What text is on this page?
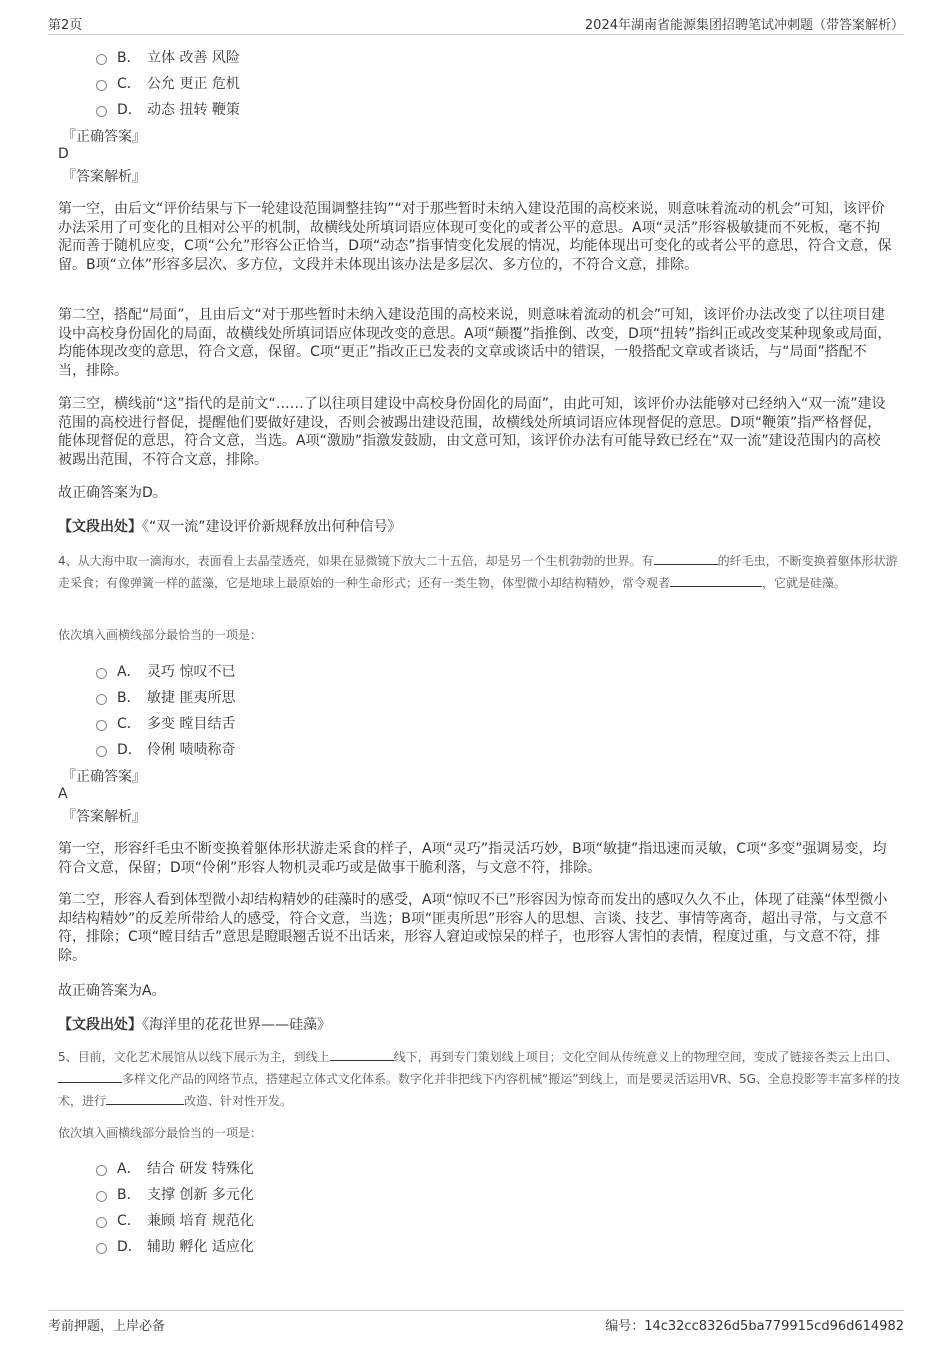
第2页	2024年湖南省能源集团招聘笔试冲刺题（带答案解析）
B． 立体 改善 风险
C． 公允 更正 危机
D． 动态 扭转 鞭策
『正确答案』
D
『答案解析』

第一空，由后文“评价结果与下一轮建设范围调整挂钩”“对于那些暂时未纳入建设范围的高校来说，则意味着流动的机会”可知，该评价办法采用了可变化的且相对公平的机制，故横线处所填词语应体现可变化的或者公平的意思。A项“灵活”形容极敏捷而不死板，毫不拘泥而善于随机应变，C项“公允”形容公正恰当，D项“动态”指事情变化发展的情况，均能体现出可变化的或者公平的意思，符合文意，保留。B项“立体”形容多层次、多方位，文段并未体现出该办法是多层次、多方位的，不符合文意，排除。

第二空，搭配“局面”，且由后文“对于那些暂时未纳入建设范围的高校来说，则意味着流动的机会”可知，该评价办法改变了以往项目建设中高校身份固化的局面，故横线处所填词语应体现改变的意思。A项“颠覆”指推倒、改变，D项“扭转”指纠正或改变某种现象或局面，均能体现改变的意思，符合文意，保留。C项“更正”指改正已发表的文章或谈话中的错误，一般搭配文章或者谈话，与“局面”搭配不当，排除。

第三空，横线前“这”指代的是前文“……了以往项目建设中高校身份固化的局面”，由此可知，该评价办法能够对已经纳入“双一流”建设范围的高校进行督促，提醒他们要做好建设，否则会被踢出建设范围，故横线处所填词语应体现督促的意思。D项“鞭策”指严格督促，能体现督促的意思，符合文意，当选。A项“激励”指激发鼓励，由文意可知，该评价办法有可能导致已经在“双一流”建设范围内的高校被踢出范围，不符合文意，排除。

故正确答案为D。

【文段出处】《“双一流”建设评价新规释放出何种信号》

4、从大海中取一滴海水，表面看上去晶莹透亮，如果在显微镜下放大二十五倍，却是另一个生机勃勃的世界。有	的纤毛虫，不断变换着躯体形状游走采食；有像弹簧一样的蓝藻，它是地球上最原始的一种生命形式；还有一类生物，体型微小却结构精妙，常令观者	，它就是硅藻。

依次填入画横线部分最恰当的一项是：
A． 灵巧 惊叹不已
B． 敏捷 匪夷所思
C． 多变 瞠目结舌
D． 伶俐 啧啧称奇
『正确答案』
A
『答案解析』

第一空，形容纤毛虫不断变换着躯体形状游走采食的样子，A项“灵巧”指灵活巧妙，B项“敏捷”指迅速而灵敏，C项“多变”强调易变，均符合文意，保留；D项“伶俐”形容人物机灵乖巧或是做事干脆利落，与文意不符，排除。

第二空，形容人看到体型微小却结构精妙的硅藻时的感受，A项“惊叹不已”形容因为惊奇而发出的感叹久久不止，体现了硅藻“体型微小却结构精妙”的反差所带给人的感受，符合文意，当选；B项“匪夷所思”形容人的思想、言谈、技艺、事情等离奇，超出寻常，与文意不符，排除；C项“瞠目结舌”意思是瞪眼翘舌说不出话来，形容人窘迫或惊呆的样子，也形容人害怕的表情，程度过重，与文意不符，排除。

故正确答案为A。

【文段出处】《海洋里的花花世界——硅藻》

5、目前，文化艺术展馆从以线下展示为主，到线上	线下，再到专门策划线上项目；文化空间从传统意义上的物理空间，变成了链接各类云上出口、多样文化产品的网络节点，搭建起立体式文化体系。数字化并非把线下内容机械“搬运”到线上，而是要灵活运用VR、5G、全息投影等丰富多样的技术，进行	改造、针对性开发。

依次填入画横线部分最恰当的一项是：
A． 结合 研发 特殊化
B． 支撑 创新 多元化
C． 兼顾 培育 规范化
D． 辅助 孵化 适应化
考前押题，上岸必备	编号：14c32cc8326d5ba779915cd96d614982
